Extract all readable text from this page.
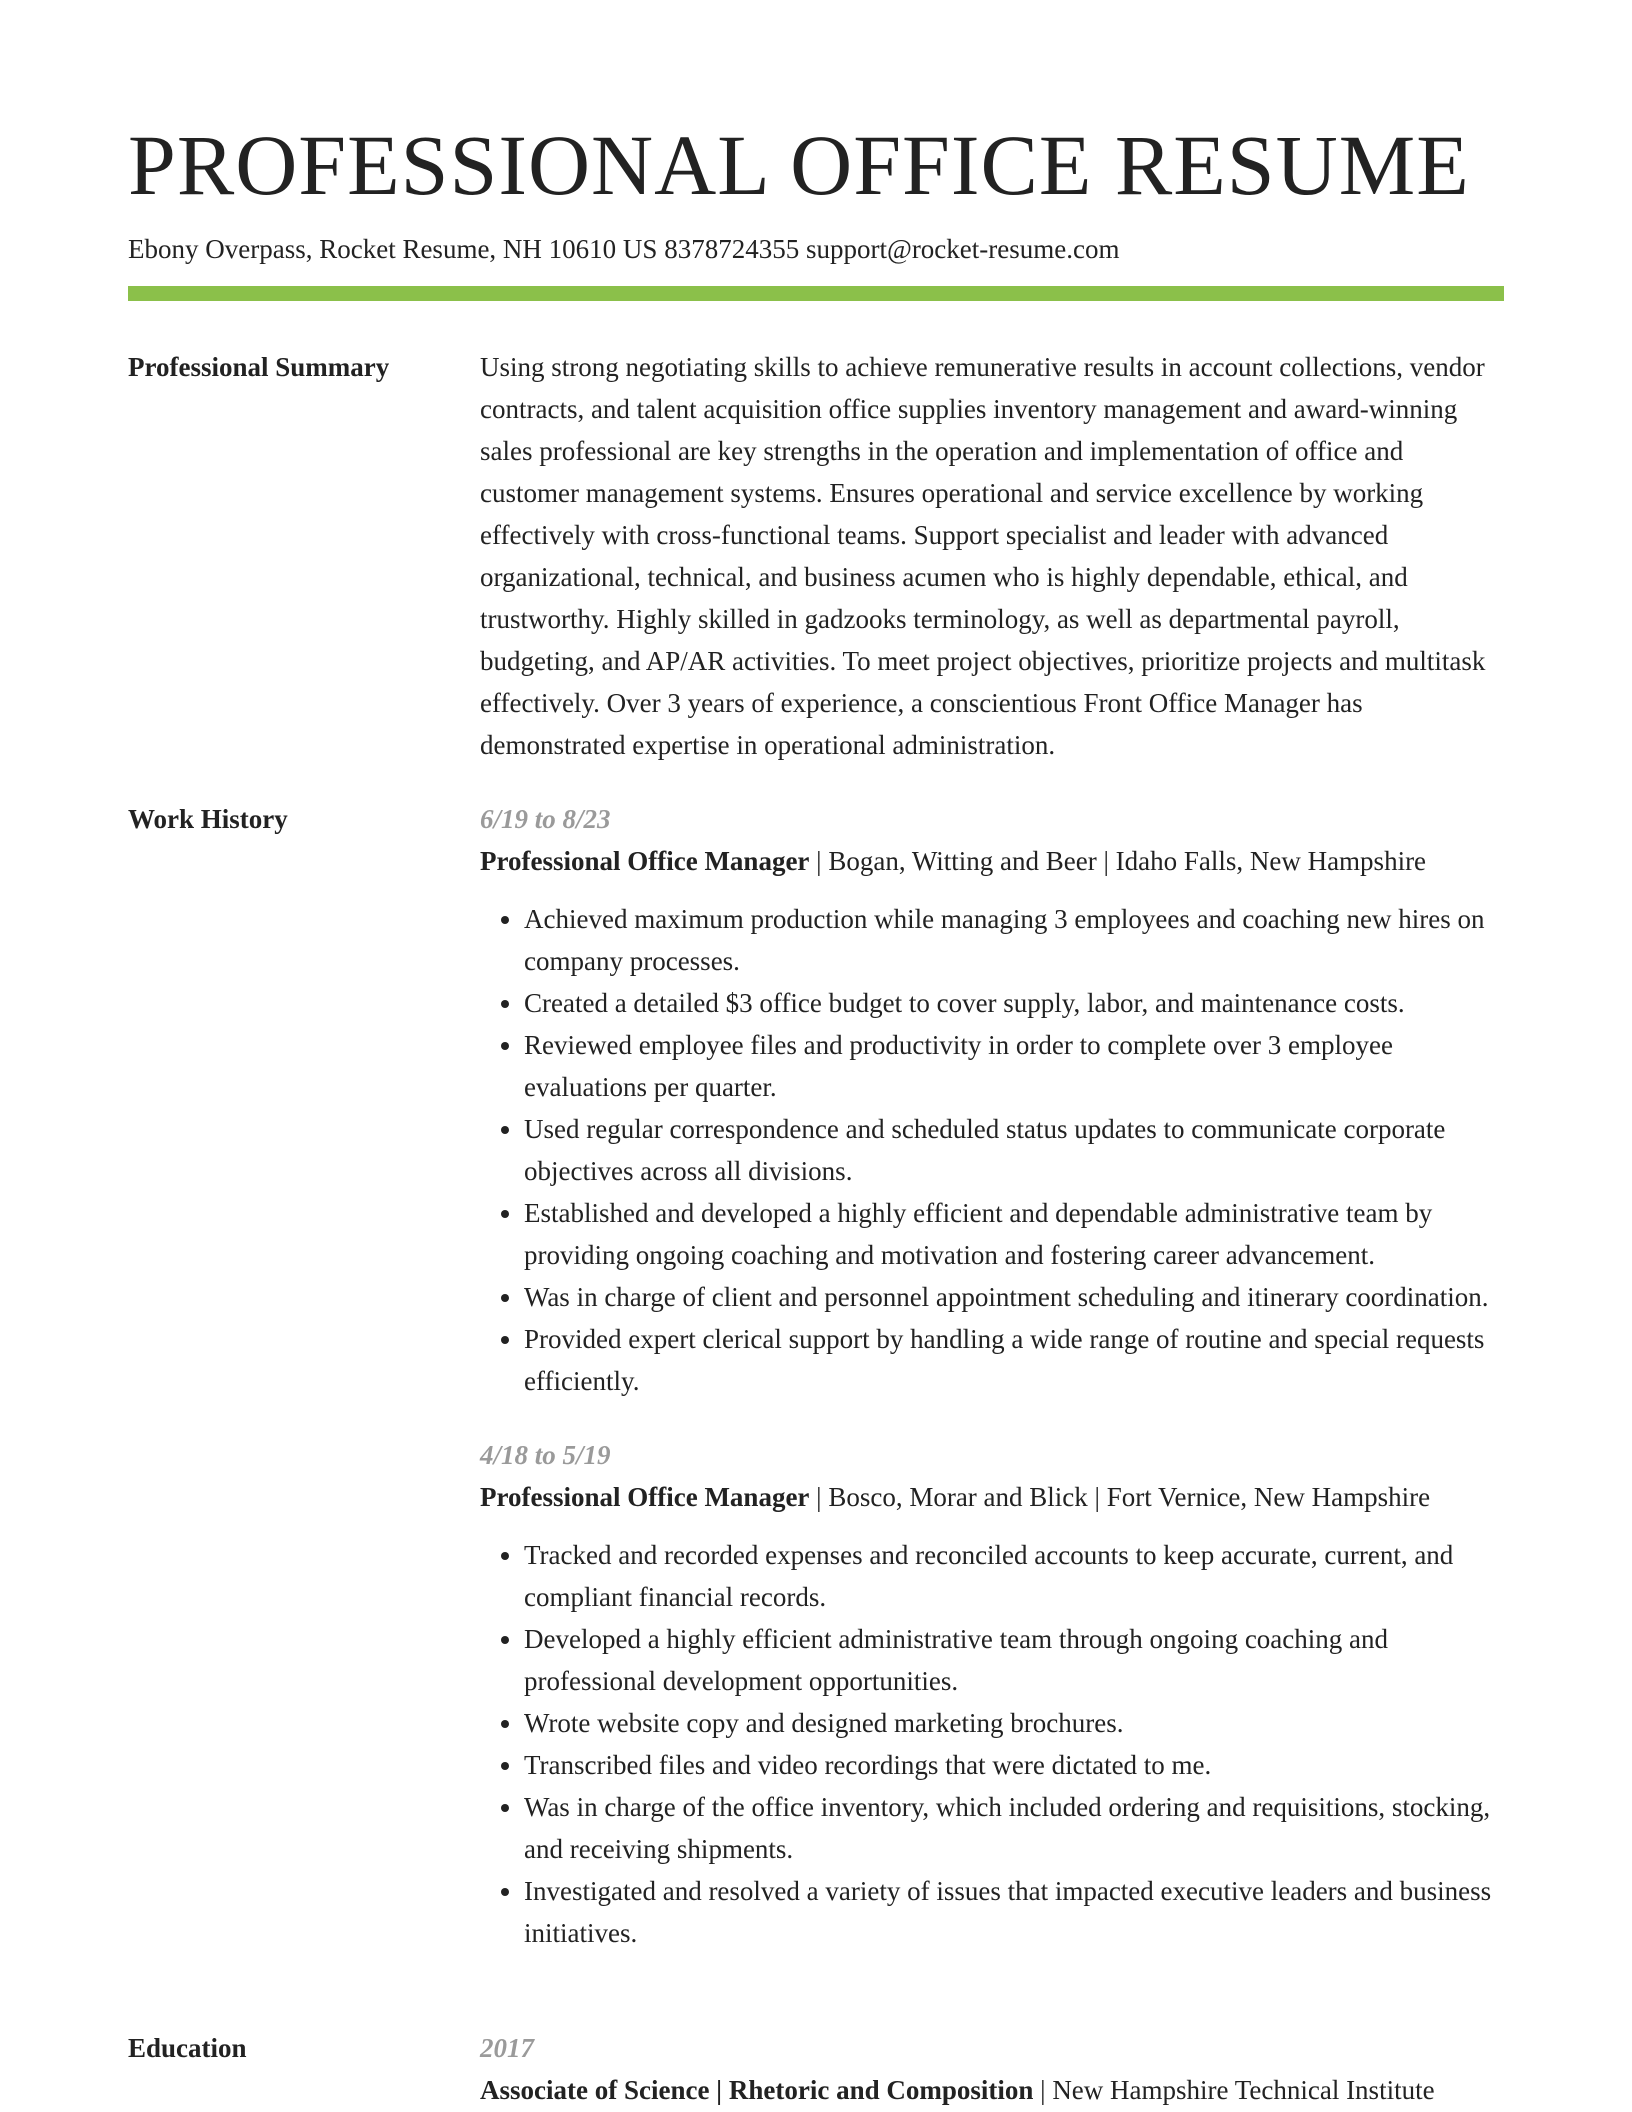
PROFESSIONAL OFFICE RESUME
Ebony Overpass, Rocket Resume, NH 10610 US 8378724355 support@rocket-resume.com
Professional Summary	Using strong negotiating skills to achieve remunerative results in account collections, vendor contracts, and talent acquisition office supplies inventory management and award-winning sales professional are key strengths in the operation and implementation of office and customer management systems. Ensures operational and service excellence by working effectively with cross-functional teams. Support specialist and leader with advanced organizational, technical, and business acumen who is highly dependable, ethical, and trustworthy. Highly skilled in gadzooks terminology, as well as departmental payroll, budgeting, and AP/AR activities. To meet project objectives, prioritize projects and multitask effectively. Over 3 years of experience, a conscientious Front Office Manager has demonstrated expertise in operational administration.

Work History	6/19 to 8/23
Professional Office Manager | Bogan, Witting and Beer | Idaho Falls, New Hampshire
• Achieved maximum production while managing 3 employees and coaching new hires on company processes.
• Created a detailed $3 office budget to cover supply, labor, and maintenance costs.
• Reviewed employee files and productivity in order to complete over 3 employee evaluations per quarter.
• Used regular correspondence and scheduled status updates to communicate corporate objectives across all divisions.
• Established and developed a highly efficient and dependable administrative team by providing ongoing coaching and motivation and fostering career advancement.
• Was in charge of client and personnel appointment scheduling and itinerary coordination.
• Provided expert clerical support by handling a wide range of routine and special requests efficiently.
4/18 to 5/19
Professional Office Manager | Bosco, Morar and Blick | Fort Vernice, New Hampshire
• Tracked and recorded expenses and reconciled accounts to keep accurate, current, and compliant financial records.
• Developed a highly efficient administrative team through ongoing coaching and professional development opportunities.
• Wrote website copy and designed marketing brochures.
• Transcribed files and video recordings that were dictated to me.
• Was in charge of the office inventory, which included ordering and requisitions, stocking, and receiving shipments.
• Investigated and resolved a variety of issues that impacted executive leaders and business initiatives.
Education	2017
Associate of Science | Rhetoric and Composition | New Hampshire Technical Institute
